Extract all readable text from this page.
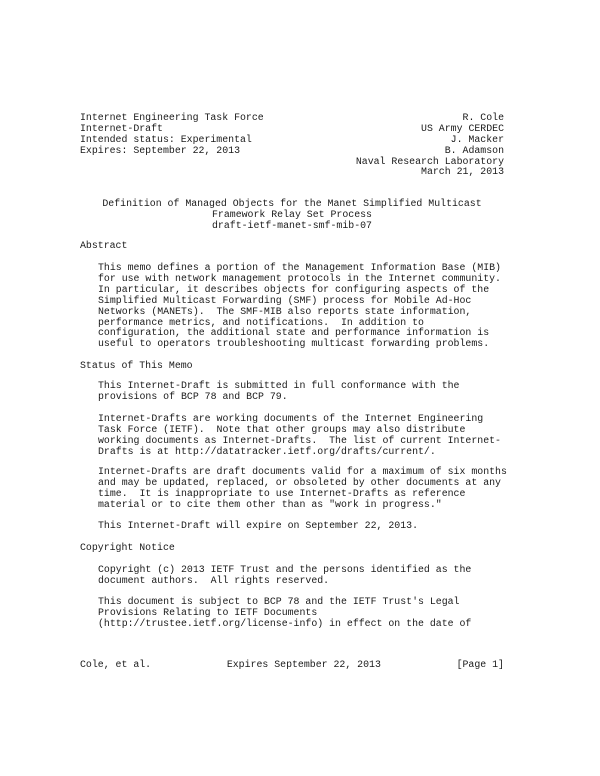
Internet Engineering Task Force	R. Cole
Internet-Draft	US Army CERDEC
Intended status: Experimental	J. Macker
Expires: September 22, 2013	B. Adamson
Naval Research Laboratory
March 21, 2013
Definition of Managed Objects for the Manet Simplified Multicast
Framework Relay Set Process
draft-ietf-manet-smf-mib-07
Abstract
This memo defines a portion of the Management Information Base (MIB)
for use with network management protocols in the Internet community.
In particular, it describes objects for configuring aspects of the
Simplified Multicast Forwarding (SMF) process for Mobile Ad-Hoc
Networks (MANETs).  The SMF-MIB also reports state information,
performance metrics, and notifications.  In addition to
configuration, the additional state and performance information is
useful to operators troubleshooting multicast forwarding problems.
Status of This Memo
This Internet-Draft is submitted in full conformance with the
provisions of BCP 78 and BCP 79.
Internet-Drafts are working documents of the Internet Engineering
Task Force (IETF).  Note that other groups may also distribute
working documents as Internet-Drafts.  The list of current Internet-
Drafts is at http://datatracker.ietf.org/drafts/current/.
Internet-Drafts are draft documents valid for a maximum of six months
and may be updated, replaced, or obsoleted by other documents at any
time.  It is inappropriate to use Internet-Drafts as reference
material or to cite them other than as "work in progress."
This Internet-Draft will expire on September 22, 2013.
Copyright Notice
Copyright (c) 2013 IETF Trust and the persons identified as the
document authors.  All rights reserved.
This document is subject to BCP 78 and the IETF Trust's Legal
Provisions Relating to IETF Documents
(http://trustee.ietf.org/license-info) in effect on the date of
Cole, et al.	Expires September 22, 2013	[Page 1]
